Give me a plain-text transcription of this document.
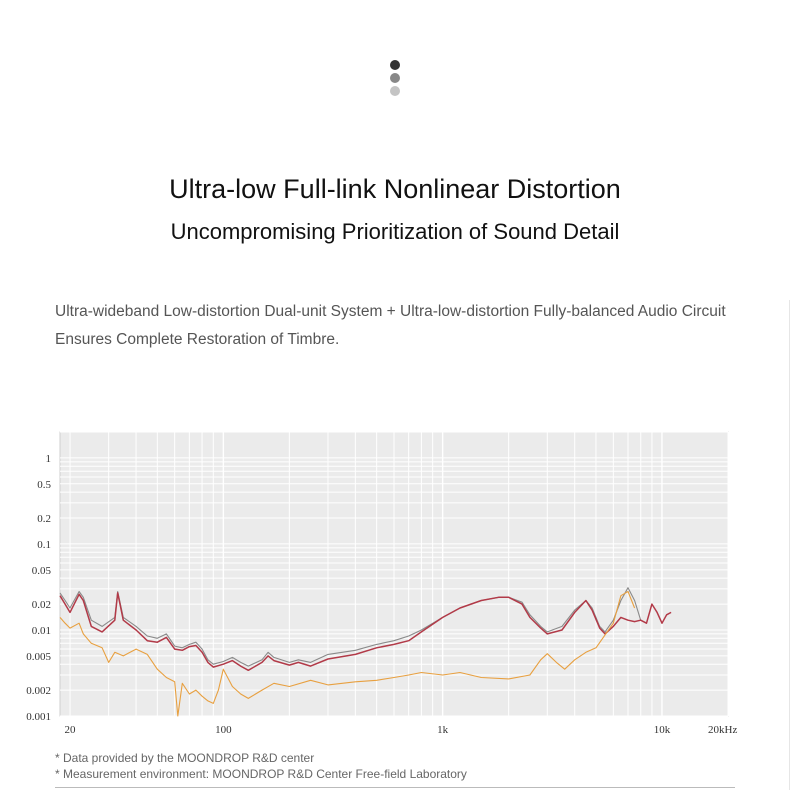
Ultra-low Full-link Nonlinear Distortion
Uncompromising Prioritization of Sound Detail
Ultra-wideband Low-distortion Dual-unit System + Ultra-low-distortion Fully-balanced Audio Circuit Ensures Complete Restoration of Timbre.
1
0.5
0.2
0.1
0.05
0.02
0.01
0.005
0.002
0.001
20	100	1k	10k	20kHz
* Data provided by the MOONDROP R&D center
* Measurement environment: MOONDROP R&D Center Free-field Laboratory
